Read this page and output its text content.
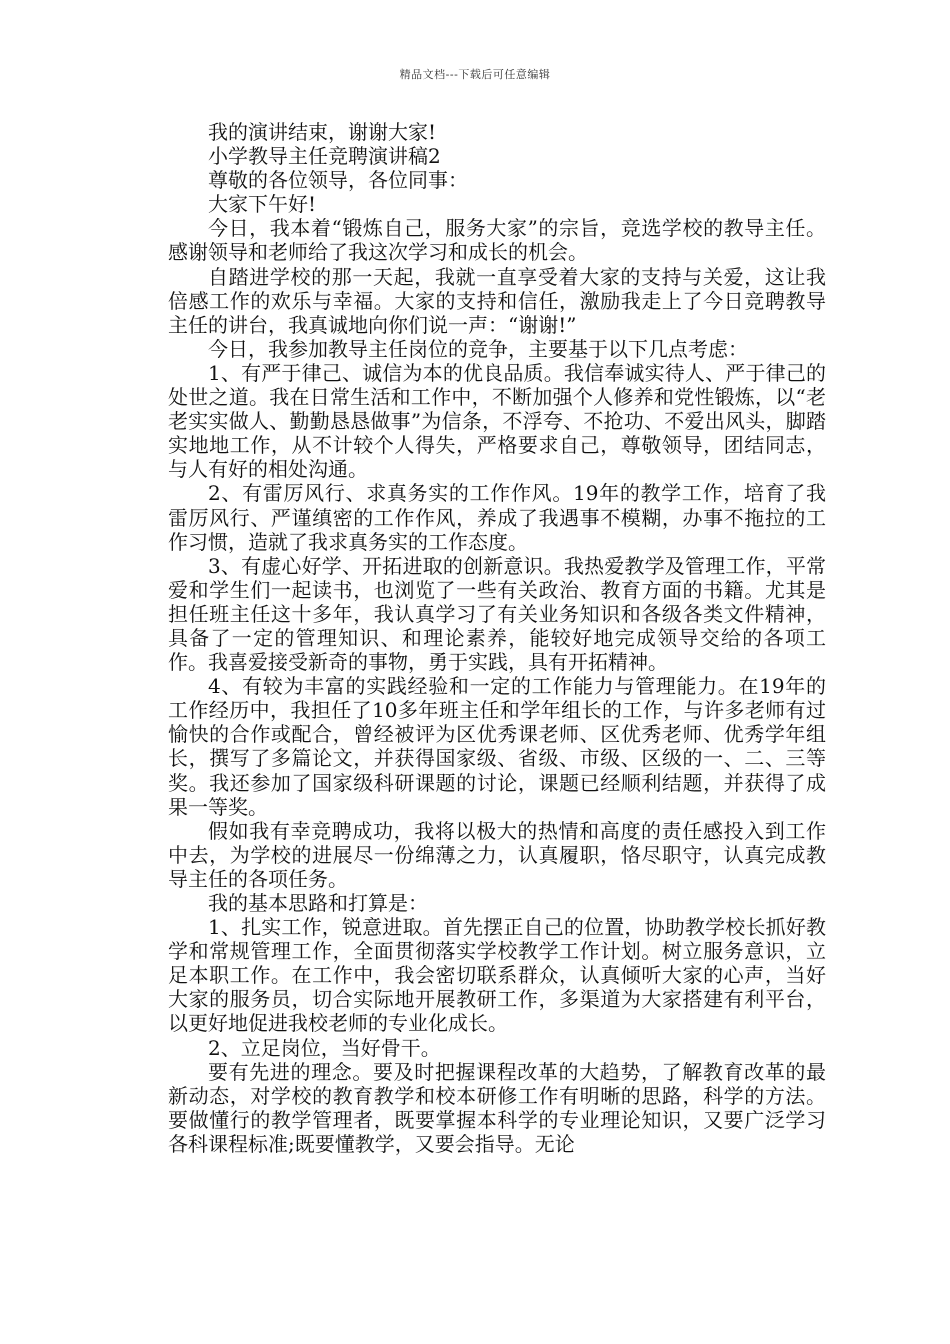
精品文档---下载后可任意编辑

我的演讲结束，谢谢大家!

小学教导主任竞聘演讲稿2

尊敬的各位领导，各位同事：

大家下午好!

今日，我本着“锻炼自己，服务大家”的宗旨，竞选学校的教导主任。感谢领导和老师给了我这次学习和成长的机会。

自踏进学校的那一天起，我就一直享受着大家的支持与关爱，这让我倍感工作的欢乐与幸福。大家的支持和信任，激励我走上了今日竞聘教导主任的讲台，我真诚地向你们说一声：“谢谢!”

今日，我参加教导主任岗位的竞争，主要基于以下几点考虑：

1、有严于律己、诚信为本的优良品质。我信奉诚实待人、严于律己的处世之道。我在日常生活和工作中，不断加强个人修养和党性锻炼，以“老老实实做人、勤勤恳恳做事”为信条，不浮夸、不抢功、不爱出风头，脚踏实地地工作，从不计较个人得失，严格要求自己，尊敬领导，团结同志，与人有好的相处沟通。

2、有雷厉风行、求真务实的工作作风。19年的教学工作，培育了我雷厉风行、严谨缜密的工作作风，养成了我遇事不模糊，办事不拖拉的工作习惯，造就了我求真务实的工作态度。

3、有虚心好学、开拓进取的创新意识。我热爱教学及管理工作，平常爱和学生们一起读书，也浏览了一些有关政治、教育方面的书籍。尤其是担任班主任这十多年，我认真学习了有关业务知识和各级各类文件精神，具备了一定的管理知识、和理论素养，能较好地完成领导交给的各项工作。我喜爱接受新奇的事物，勇于实践，具有开拓精神。

4、有较为丰富的实践经验和一定的工作能力与管理能力。在19年的工作经历中，我担任了10多年班主任和学年组长的工作，与许多老师有过愉快的合作或配合，曾经被评为区优秀课老师、区优秀老师、优秀学年组长，撰写了多篇论文，并获得国家级、省级、市级、区级的一、二、三等奖。我还参加了国家级科研课题的讨论，课题已经顺利结题，并获得了成果一等奖。

假如我有幸竞聘成功，我将以极大的热情和高度的责任感投入到工作中去，为学校的进展尽一份绵薄之力，认真履职，恪尽职守，认真完成教导主任的各项任务。

我的基本思路和打算是：

1、扎实工作，锐意进取。首先摆正自己的位置，协助教学校长抓好教学和常规管理工作，全面贯彻落实学校教学工作计划。树立服务意识，立足本职工作。在工作中，我会密切联系群众，认真倾听大家的心声，当好大家的服务员，切合实际地开展教研工作，多渠道为大家搭建有利平台，以更好地促进我校老师的专业化成长。

2、立足岗位，当好骨干。

要有先进的理念。要及时把握课程改革的大趋势，了解教育改革的最新动态，对学校的教育教学和校本研修工作有明晰的思路，科学的方法。要做懂行的教学管理者，既要掌握本科学的专业理论知识，又要广泛学习各科课程标准;既要懂教学，又要会指导。无论
